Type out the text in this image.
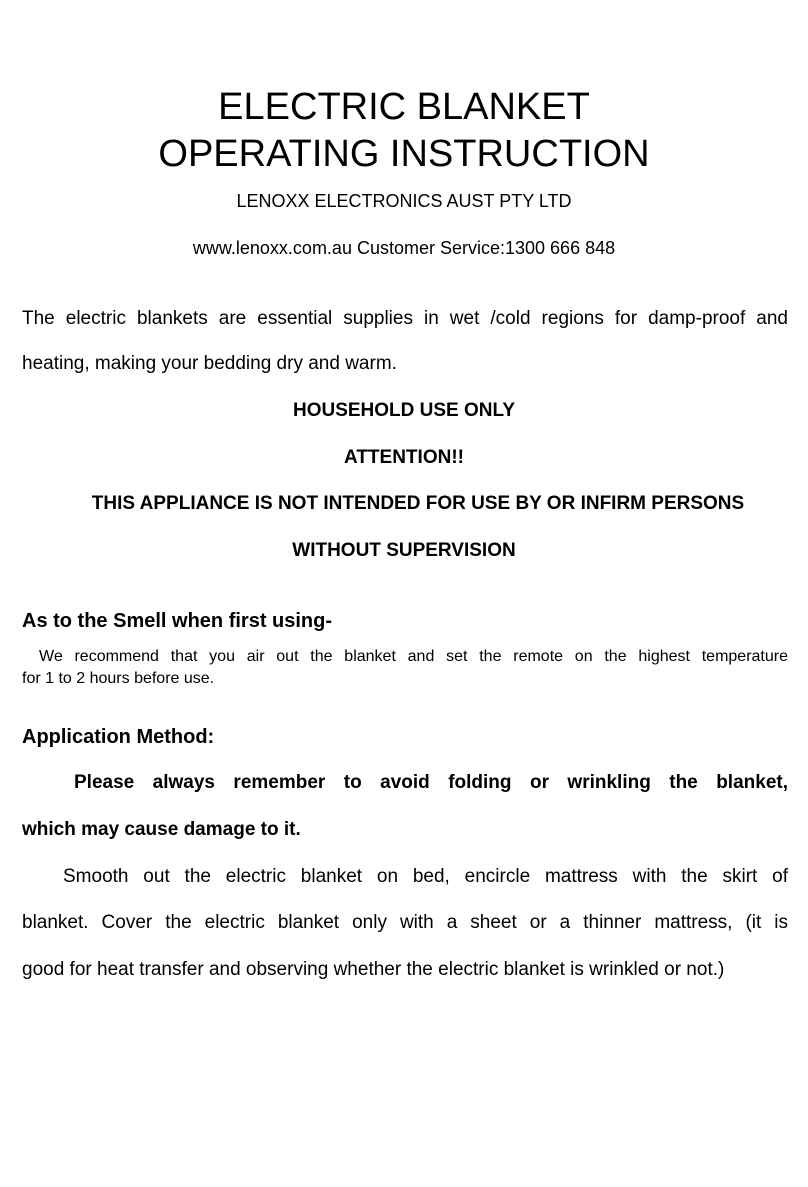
ELECTRIC BLANKET
OPERATING INSTRUCTION
LENOXX ELECTRONICS AUST PTY LTD
www.lenoxx.com.au Customer Service:1300 666 848
The electric blankets are essential supplies in wet /cold regions for damp-proof and
heating, making your bedding dry and warm.
HOUSEHOLD USE ONLY
ATTENTION!!
THIS APPLIANCE IS NOT INTENDED FOR USE BY OR INFIRM PERSONS
WITHOUT SUPERVISION
As to the Smell when first using-
We recommend that you air out the blanket and set the remote on the highest temperature
for 1 to 2 hours before use.
Application Method:
Please always remember to avoid folding or wrinkling the blanket,
which may cause damage to it.
Smooth out the electric blanket on bed, encircle mattress with the skirt of
blanket. Cover the electric blanket only with a sheet or a thinner mattress, (it is
good for heat transfer and observing whether the electric blanket is wrinkled or not.)
